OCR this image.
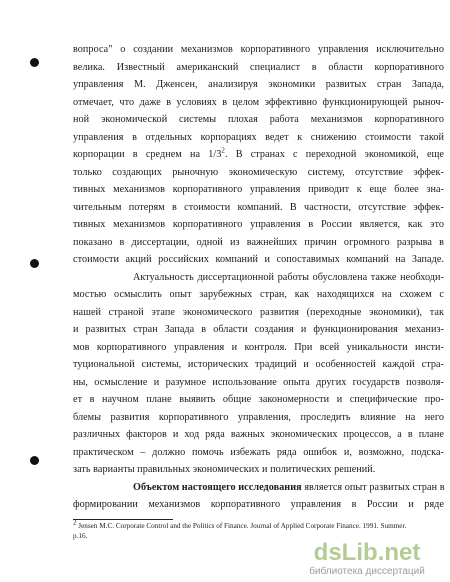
вопроса" о создании механизмов корпоративного управления исключительно
велика. Известный американский специалист в области корпоративного
управления М. Дженсен, анализируя экономики развитых стран Запада,
отмечает, что даже в условиях в целом эффективно функционирующей рыноч-
ной экономической системы плохая работа механизмов корпоративного
управления в отдельных корпорациях ведет к снижению стоимости такой
корпорации в среднем на $1/3^2$. В странах с переходной экономикой, еще
только создающих рыночную экономическую систему, отсутствие эффек-
тивных механизмов корпоративного управления приводит к еще более зна-
чительным потерям в стоимости компаний. В частности, отсутствие эффек-
тивных механизмов корпоративного управления в России является, как это
показано в диссертации, одной из важнейших причин огромного разрыва в
стоимости акций российских компаний и сопоставимых компаний на Западе.
Актуальность диссертационной работы обусловлена также необходи-
мостью осмыслить опыт зарубежных стран, как находящихся на схожем с
нашей страной этапе экономического развития (переходные экономики), так
и развитых стран Запада в области создания и функционирования механиз-
мов корпоративного управления и контроля. При всей уникальности инсти-
туциональной системы, исторических традиций и особенностей каждой стра-
ны, осмысление и разумное использование опыта других государств позволя-
ет в научном плане выявить общие закономерности и специфические про-
блемы развития корпоративного управления, проследить влияние на него
различных факторов и ход ряда важных экономических процессов, а в плане
практическом – должно помочь избежать ряда ошибок и, возможно, подска-
зать варианты правильных экономических и политических решений.
Объектом настоящего исследования является опыт развитых стран в
формировании механизмов корпоративного управления в России и ряде
2 Jensen M.C. Corporate Control and the Politics of Finance. Journal of Applied Corporate Finance. 1991. Summer.
p.16.
dsLib.net
библиотека диссертаций
